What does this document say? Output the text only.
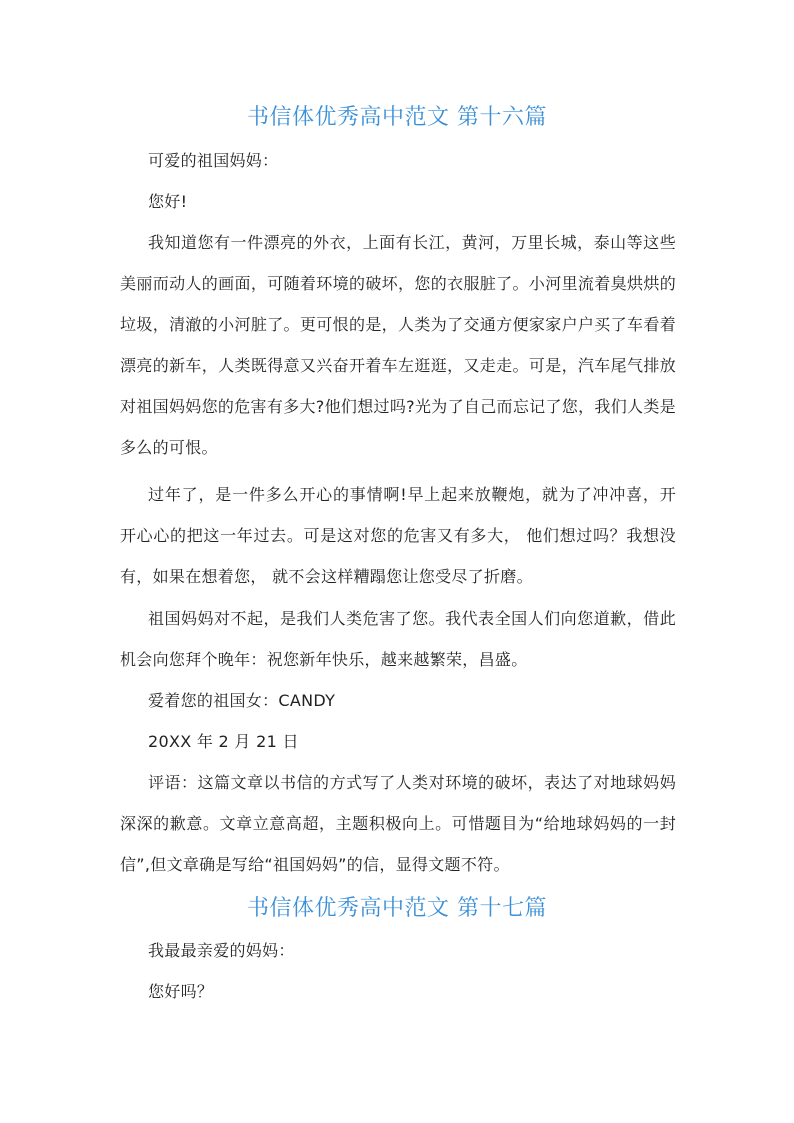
书信体优秀高中范文 第十六篇
可爱的祖国妈妈：
您好!
我知道您有一件漂亮的外衣，上面有长江，黄河，万里长城，泰山等这些美丽而动人的画面，可随着环境的破坏，您的衣服脏了。小河里流着臭烘烘的垃圾，清澈的小河脏了。更可恨的是，人类为了交通方便家家户户买了车看着漂亮的新车，人类既得意又兴奋开着车左逛逛，又走走。可是，汽车尾气排放对祖国妈妈您的危害有多大?他们想过吗?光为了自己而忘记了您，我们人类是多么的可恨。
过年了，是一件多么开心的事情啊!早上起来放鞭炮，就为了冲冲喜，开开心心的把这一年过去。可是这对您的危害又有多大， 他们想过吗？我想没有，如果在想着您， 就不会这样糟蹋您让您受尽了折磨。
祖国妈妈对不起，是我们人类危害了您。我代表全国人们向您道歉，借此机会向您拜个晚年：祝您新年快乐，越来越繁荣，昌盛。
爱着您的祖国女：CANDY
20XX 年 2 月 21 日
评语：这篇文章以书信的方式写了人类对环境的破坏，表达了对地球妈妈深深的歉意。文章立意高超，主题积极向上。可惜题目为“给地球妈妈的一封信”,但文章确是写给“祖国妈妈”的信，显得文题不符。
书信体优秀高中范文 第十七篇
我最最亲爱的妈妈：
您好吗？
